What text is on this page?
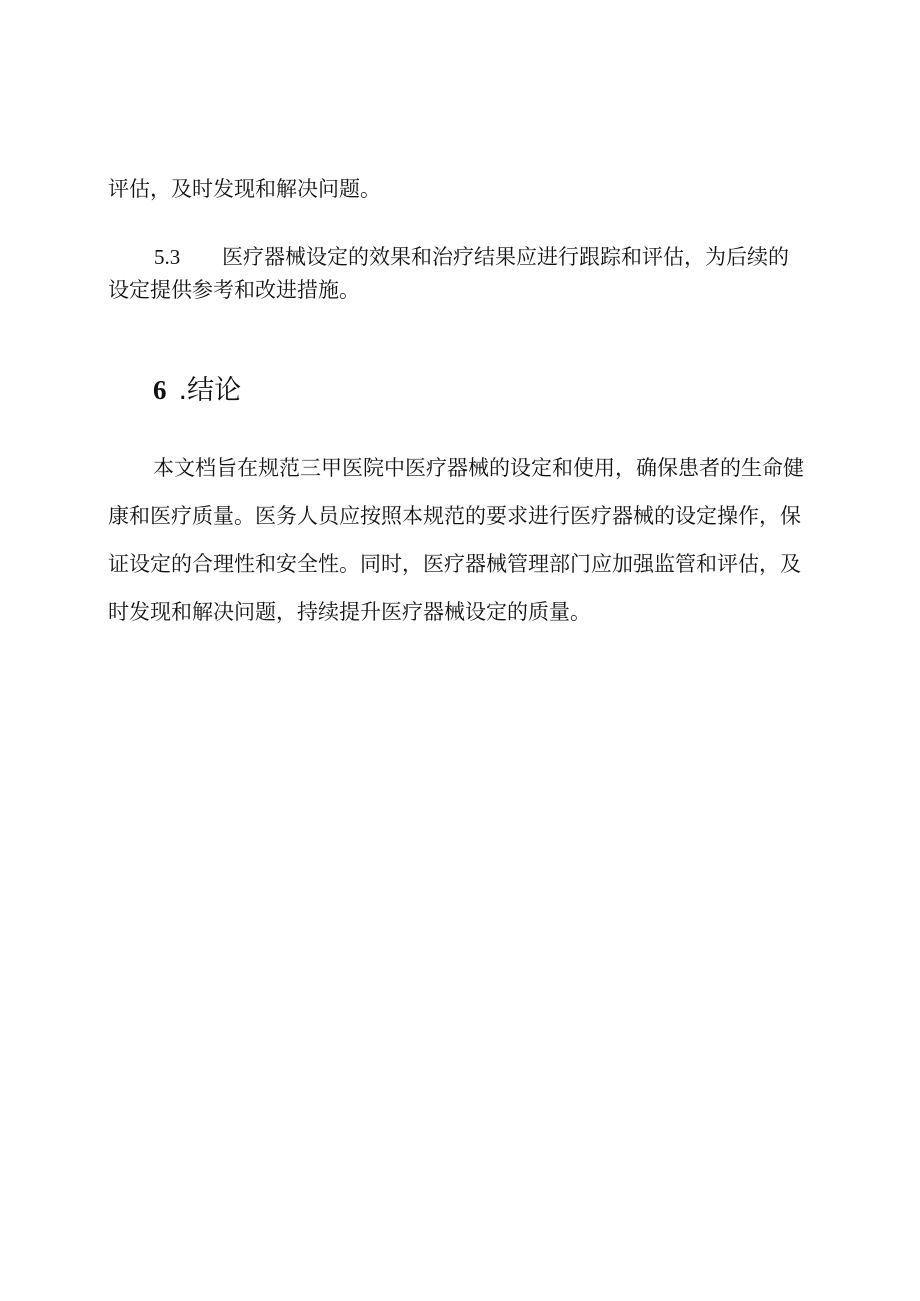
评估，及时发现和解决问题。
5.3 医疗器械设定的效果和治疗结果应进行跟踪和评估，为后续的
设定提供参考和改进措施。
6 .结论
本文档旨在规范三甲医院中医疗器械的设定和使用，确保患者的生命健
康和医疗质量。医务人员应按照本规范的要求进行医疗器械的设定操作，保
证设定的合理性和安全性。同时，医疗器械管理部门应加强监管和评估，及
时发现和解决问题，持续提升医疗器械设定的质量。
